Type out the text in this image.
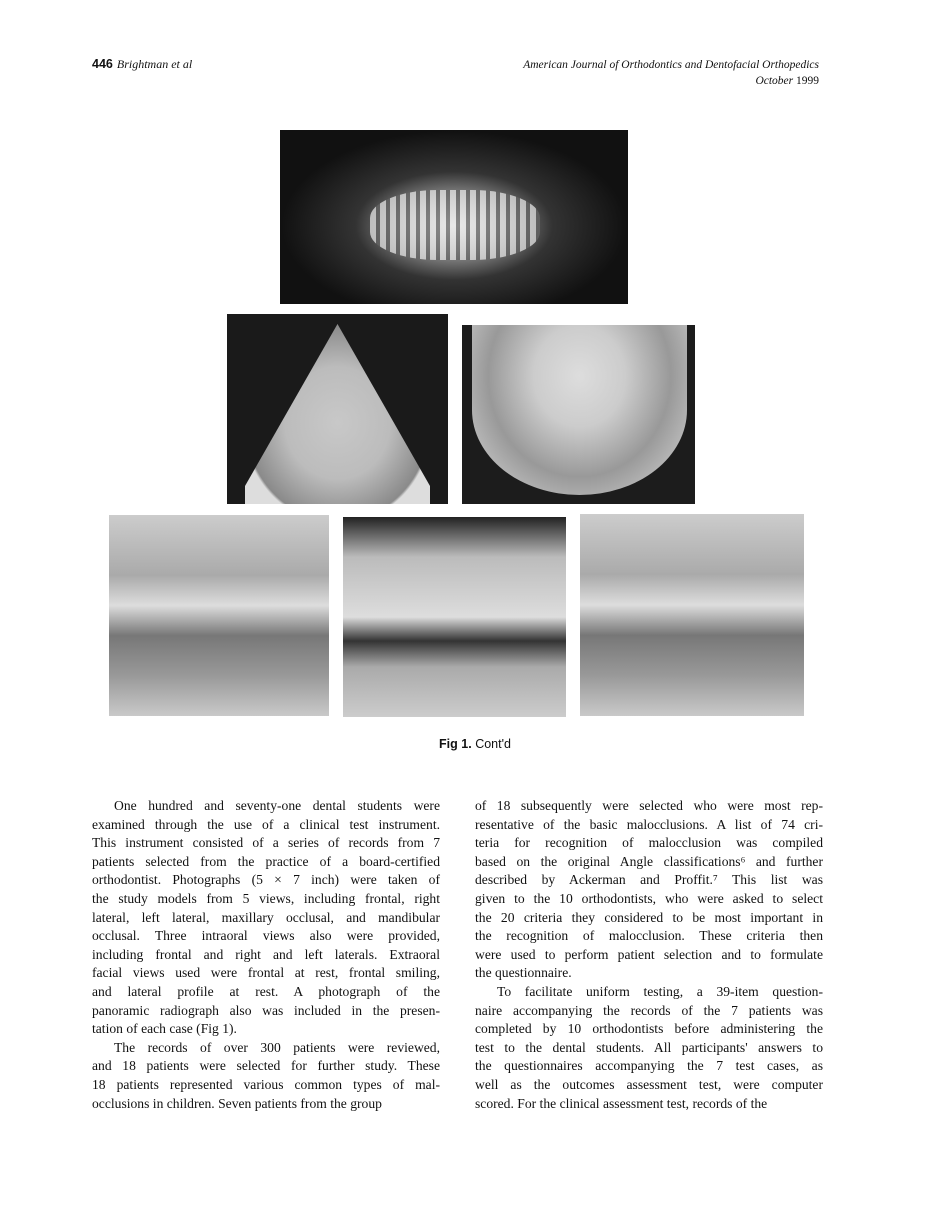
446 Brightman et al	American Journal of Orthodontics and Dentofacial Orthopedics
October 1999
Fig 1. Cont'd
One hundred and seventy-one dental students were
examined through the use of a clinical test instrument.
This instrument consisted of a series of records from 7
patients selected from the practice of a board-certified
orthodontist. Photographs (5 × 7 inch) were taken of
the study models from 5 views, including frontal, right
lateral, left lateral, maxillary occlusal, and mandibular
occlusal. Three intraoral views also were provided,
including frontal and right and left laterals. Extraoral
facial views used were frontal at rest, frontal smiling,
and lateral profile at rest. A photograph of the
panoramic radiograph also was included in the presen-
tation of each case (Fig 1).
The records of over 300 patients were reviewed,
and 18 patients were selected for further study. These
18 patients represented various common types of mal-
occlusions in children. Seven patients from the group
of 18 subsequently were selected who were most rep-
resentative of the basic malocclusions. A list of 74 cri-
teria for recognition of malocclusion was compiled
based on the original Angle classifications⁶ and further
described by Ackerman and Proffit.⁷ This list was
given to the 10 orthodontists, who were asked to select
the 20 criteria they considered to be most important in
the recognition of malocclusion. These criteria then
were used to perform patient selection and to formulate
the questionnaire.
To facilitate uniform testing, a 39-item question-
naire accompanying the records of the 7 patients was
completed by 10 orthodontists before administering the
test to the dental students. All participants' answers to
the questionnaires accompanying the 7 test cases, as
well as the outcomes assessment test, were computer
scored. For the clinical assessment test, records of the
